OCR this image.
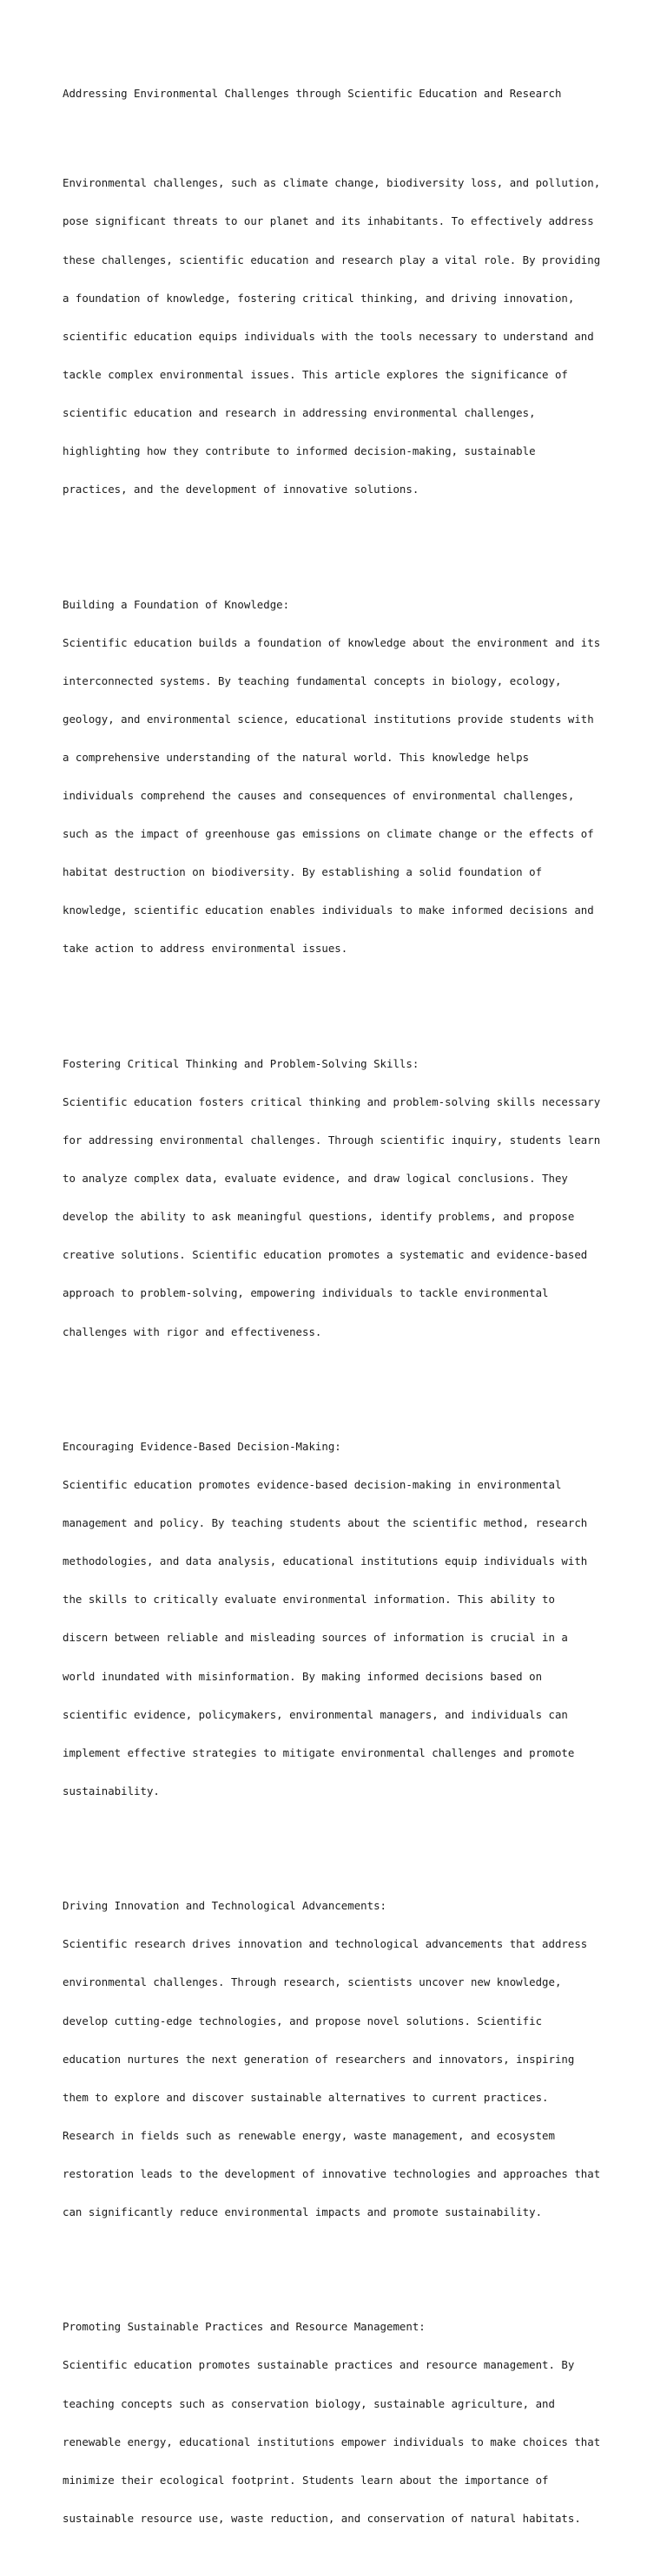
Addressing Environmental Challenges through Scientific Education and Research

Environmental challenges, such as climate change, biodiversity loss, and pollution,

pose significant threats to our planet and its inhabitants. To effectively address

these challenges, scientific education and research play a vital role. By providing

a foundation of knowledge, fostering critical thinking, and driving innovation,

scientific education equips individuals with the tools necessary to understand and

tackle complex environmental issues. This article explores the significance of

scientific education and research in addressing environmental challenges,

highlighting how they contribute to informed decision-making, sustainable

practices, and the development of innovative solutions.

Building a Foundation of Knowledge:

Scientific education builds a foundation of knowledge about the environment and its

interconnected systems. By teaching fundamental concepts in biology, ecology,

geology, and environmental science, educational institutions provide students with

a comprehensive understanding of the natural world. This knowledge helps

individuals comprehend the causes and consequences of environmental challenges,

such as the impact of greenhouse gas emissions on climate change or the effects of

habitat destruction on biodiversity. By establishing a solid foundation of

knowledge, scientific education enables individuals to make informed decisions and

take action to address environmental issues.

Fostering Critical Thinking and Problem-Solving Skills:

Scientific education fosters critical thinking and problem-solving skills necessary

for addressing environmental challenges. Through scientific inquiry, students learn

to analyze complex data, evaluate evidence, and draw logical conclusions. They

develop the ability to ask meaningful questions, identify problems, and propose

creative solutions. Scientific education promotes a systematic and evidence-based

approach to problem-solving, empowering individuals to tackle environmental

challenges with rigor and effectiveness.

Encouraging Evidence-Based Decision-Making:

Scientific education promotes evidence-based decision-making in environmental

management and policy. By teaching students about the scientific method, research

methodologies, and data analysis, educational institutions equip individuals with

the skills to critically evaluate environmental information. This ability to

discern between reliable and misleading sources of information is crucial in a

world inundated with misinformation. By making informed decisions based on

scientific evidence, policymakers, environmental managers, and individuals can

implement effective strategies to mitigate environmental challenges and promote

sustainability.

Driving Innovation and Technological Advancements:

Scientific research drives innovation and technological advancements that address

environmental challenges. Through research, scientists uncover new knowledge,

develop cutting-edge technologies, and propose novel solutions. Scientific

education nurtures the next generation of researchers and innovators, inspiring

them to explore and discover sustainable alternatives to current practices.

Research in fields such as renewable energy, waste management, and ecosystem

restoration leads to the development of innovative technologies and approaches that

can significantly reduce environmental impacts and promote sustainability.

Promoting Sustainable Practices and Resource Management:

Scientific education promotes sustainable practices and resource management. By

teaching concepts such as conservation biology, sustainable agriculture, and

renewable energy, educational institutions empower individuals to make choices that

minimize their ecological footprint. Students learn about the importance of

sustainable resource use, waste reduction, and conservation of natural habitats.
